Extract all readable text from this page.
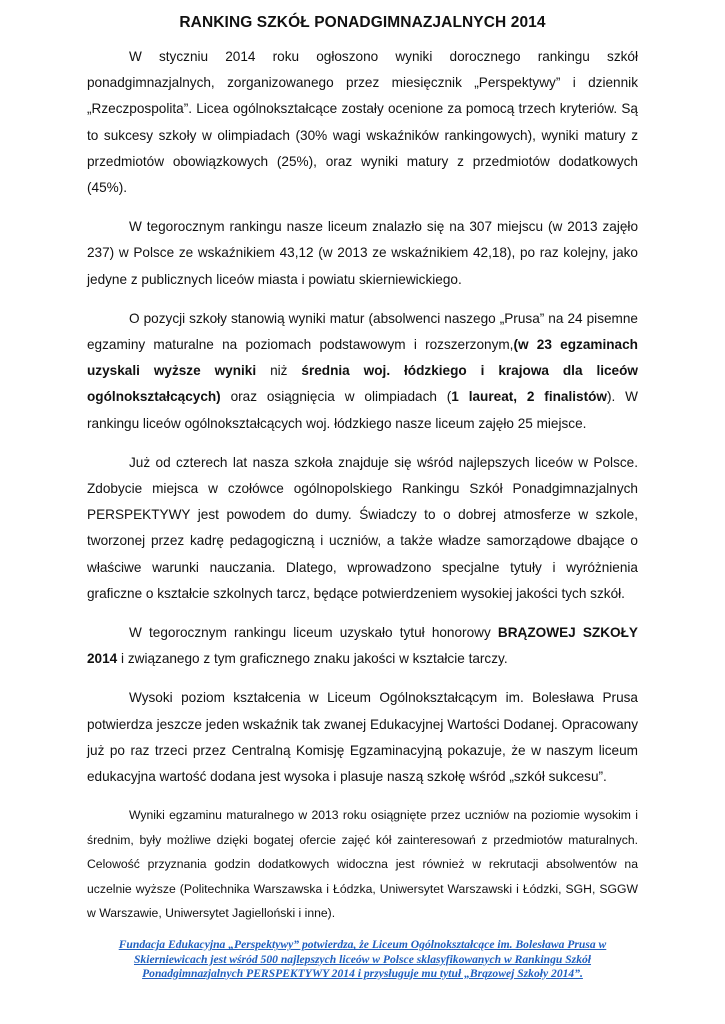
RANKING SZKÓŁ PONADGIMNAZJALNYCH 2014

W styczniu 2014 roku ogłoszono wyniki dorocznego rankingu szkół ponadgimnazjalnych, zorganizowanego przez miesięcznik „Perspektywy” i dziennik „Rzeczpospolita”. Licea ogólnokształcące zostały ocenione za pomocą trzech kryteriów. Są to sukcesy szkoły w olimpiadach (30% wagi wskaźników rankingowych), wyniki matury z przedmiotów obowiązkowych (25%), oraz wyniki matury z przedmiotów dodatkowych (45%).

W tegorocznym rankingu nasze liceum znalazło się na 307 miejscu (w 2013 zajęło 237) w Polsce ze wskaźnikiem 43,12 (w 2013 ze wskaźnikiem 42,18), po raz kolejny, jako jedyne z publicznych liceów miasta i powiatu skierniewickiego.

O pozycji szkoły stanowią wyniki matur (absolwenci naszego „Prusa” na 24 pisemne egzaminy maturalne na poziomach podstawowym i rozszerzonym,(w 23 egzaminach uzyskali wyższe wyniki niż średnia woj. łódzkiego i krajowa dla liceów ogólnokształcących) oraz osiągnięcia w olimpiadach (1 laureat, 2 finalistów). W rankingu liceów ogólnokształcących woj. łódzkiego nasze liceum zajęło 25 miejsce.

Już od czterech lat nasza szkoła znajduje się wśród najlepszych liceów w Polsce. Zdobycie miejsca w czołówce ogólnopolskiego Rankingu Szkół Ponadgimnazjalnych PERSPEKTYWY jest powodem do dumy. Świadczy to o dobrej atmosferze w szkole, tworzonej przez kadrę pedagogiczną i uczniów, a także władze samorządowe dbające o właściwe warunki nauczania. Dlatego, wprowadzono specjalne tytuły i wyróżnienia graficzne o kształcie szkolnych tarcz, będące potwierdzeniem wysokiej jakości tych szkół.

W tegorocznym rankingu liceum uzyskało tytuł honorowy BRĄZOWEJ SZKOŁY 2014 i związanego z tym graficznego znaku jakości w kształcie tarczy.

Wysoki poziom kształcenia w Liceum Ogólnokształcącym im. Bolesława Prusa potwierdza jeszcze jeden wskaźnik tak zwanej Edukacyjnej Wartości Dodanej. Opracowany już po raz trzeci przez Centralną Komisję Egzaminacyjną pokazuje, że w naszym liceum edukacyjna wartość dodana jest wysoka i plasuje naszą szkołę wśród „szkół sukcesu”.

Wyniki egzaminu maturalnego w 2013 roku osiągnięte przez uczniów na poziomie wysokim i średnim, były możliwe dzięki bogatej ofercie zajęć kół zainteresowań z przedmiotów maturalnych. Celowość przyznania godzin dodatkowych widoczna jest również w rekrutacji absolwentów na uczelnie wyższe (Politechnika Warszawska i Łódzka, Uniwersytet Warszawski i Łódzki, SGH, SGGW w Warszawie, Uniwersytet Jagielloński i inne).

Fundacja Edukacyjna „Perspektywy” potwierdza, że Liceum Ogólnokształcące im. Bolesława Prusa w Skierniewicach jest wśród 500 najlepszych liceów w Polsce sklasyfikowanych w Rankingu Szkół Ponadgimnazjalnych PERSPEKTYWY 2014 i przysługuje mu tytuł „Brązowej Szkoły 2014”.
